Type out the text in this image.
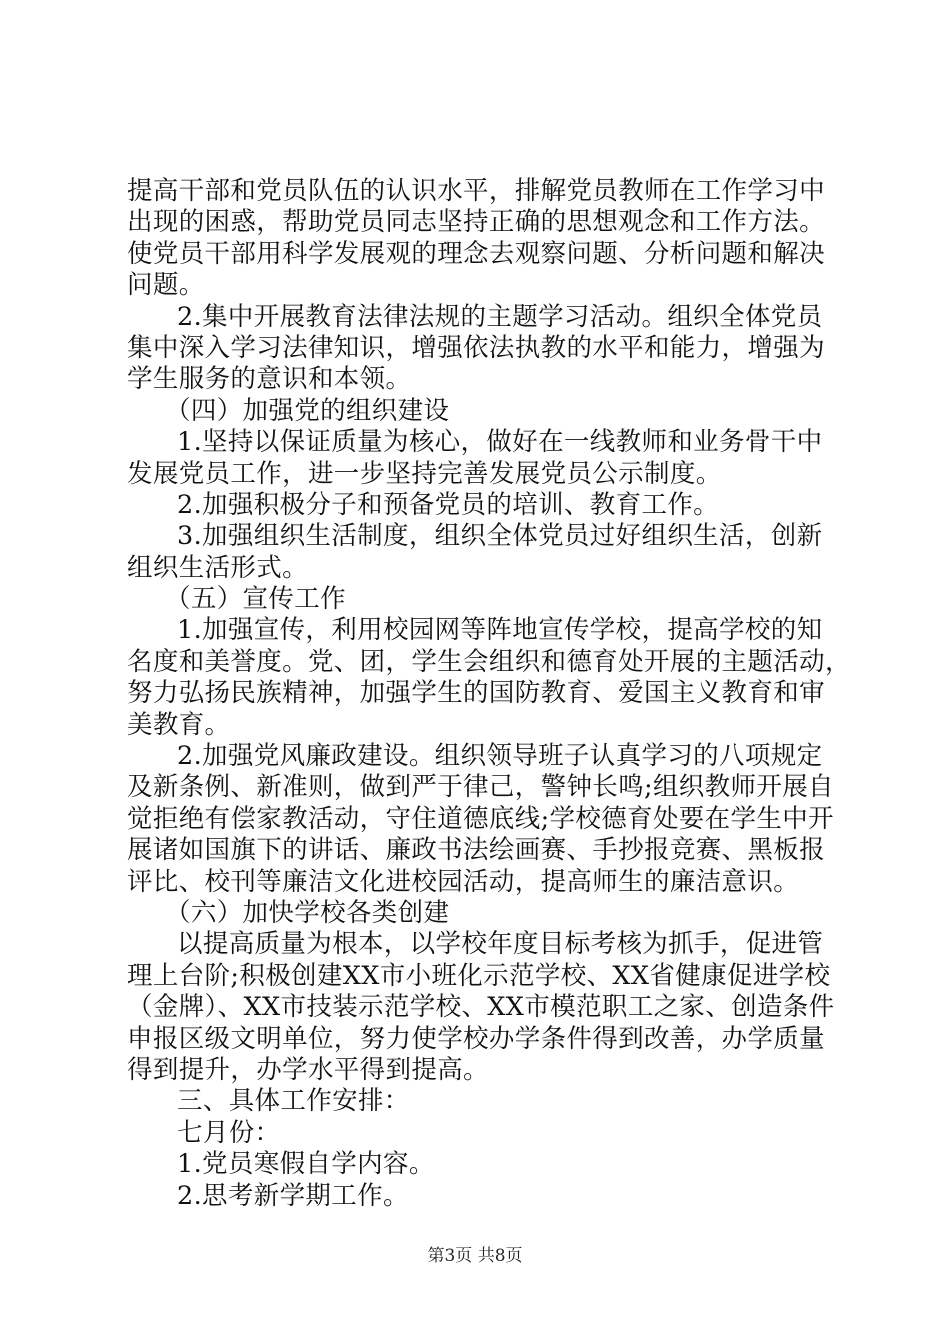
提高干部和党员队伍的认识水平，排解党员教师在工作学习中
出现的困惑，帮助党员同志坚持正确的思想观念和工作方法。
使党员干部用科学发展观的理念去观察问题、分析问题和解决
问题。
2.集中开展教育法律法规的主题学习活动。组织全体党员
集中深入学习法律知识，增强依法执教的水平和能力，增强为
学生服务的意识和本领。
（四）加强党的组织建设
1.坚持以保证质量为核心，做好在一线教师和业务骨干中
发展党员工作，进一步坚持完善发展党员公示制度。
2.加强积极分子和预备党员的培训、教育工作。
3.加强组织生活制度，组织全体党员过好组织生活，创新
组织生活形式。
（五）宣传工作
1.加强宣传，利用校园网等阵地宣传学校，提高学校的知
名度和美誉度。党、团，学生会组织和德育处开展的主题活动，
努力弘扬民族精神，加强学生的国防教育、爱国主义教育和审
美教育。
2.加强党风廉政建设。组织领导班子认真学习的八项规定
及新条例、新准则，做到严于律己，警钟长鸣;组织教师开展自
觉拒绝有偿家教活动，守住道德底线;学校德育处要在学生中开
展诸如国旗下的讲话、廉政书法绘画赛、手抄报竞赛、黑板报
评比、校刊等廉洁文化进校园活动，提高师生的廉洁意识。
（六）加快学校各类创建
以提高质量为根本，以学校年度目标考核为抓手，促进管
理上台阶;积极创建XX市小班化示范学校、XX省健康促进学校
（金牌）、XX市技装示范学校、XX市模范职工之家、创造条件
申报区级文明单位，努力使学校办学条件得到改善，办学质量
得到提升，办学水平得到提高。
三、具体工作安排：
七月份：
1.党员寒假自学内容。
2.思考新学期工作。
第3页 共8页
